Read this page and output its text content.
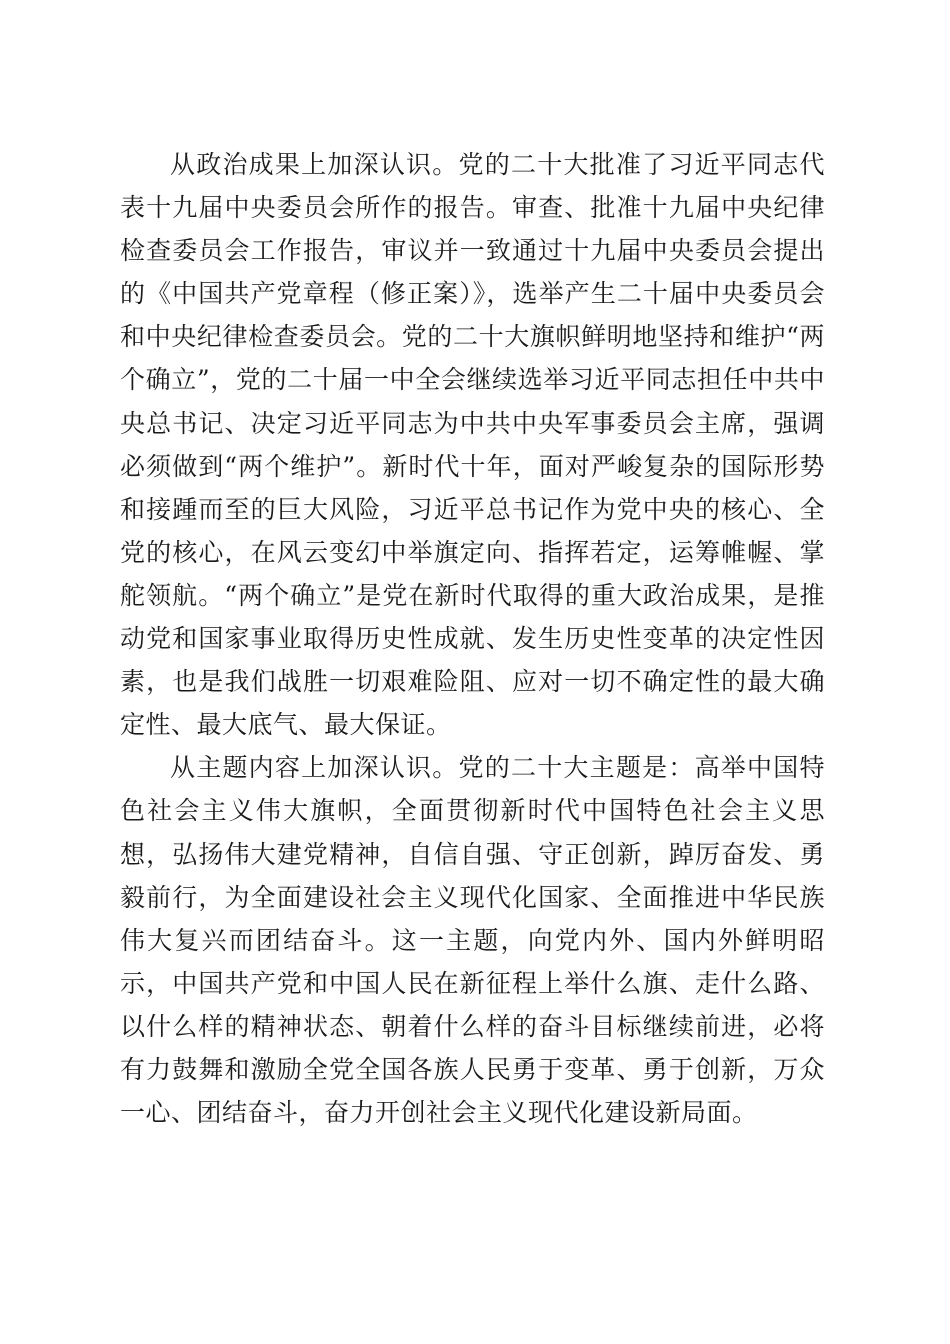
从政治成果上加深认识。党的二十大批准了习近平同志代表十九届中央委员会所作的报告。审查、批准十九届中央纪律检查委员会工作报告，审议并一致通过十九届中央委员会提出的《中国共产党章程（修正案）》，选举产生二十届中央委员会和中央纪律检查委员会。党的二十大旗帜鲜明地坚持和维护“两个确立”，党的二十届一中全会继续选举习近平同志担任中共中央总书记、决定习近平同志为中共中央军事委员会主席，强调必须做到“两个维护”。新时代十年，面对严峻复杂的国际形势和接踵而至的巨大风险，习近平总书记作为党中央的核心、全党的核心，在风云变幻中举旗定向、指挥若定，运筹帷幄、掌舵领航。“两个确立”是党在新时代取得的重大政治成果，是推动党和国家事业取得历史性成就、发生历史性变革的决定性因素，也是我们战胜一切艰难险阻、应对一切不确定性的最大确定性、最大底气、最大保证。

从主题内容上加深认识。党的二十大主题是：高举中国特色社会主义伟大旗帜，全面贯彻新时代中国特色社会主义思想，弘扬伟大建党精神，自信自强、守正创新，踔厉奋发、勇毅前行，为全面建设社会主义现代化国家、全面推进中华民族伟大复兴而团结奋斗。这一主题，向党内外、国内外鲜明昭示，中国共产党和中国人民在新征程上举什么旗、走什么路、以什么样的精神状态、朝着什么样的奋斗目标继续前进，必将有力鼓舞和激励全党全国各族人民勇于变革、勇于创新，万众一心、团结奋斗，奋力开创社会主义现代化建设新局面。
